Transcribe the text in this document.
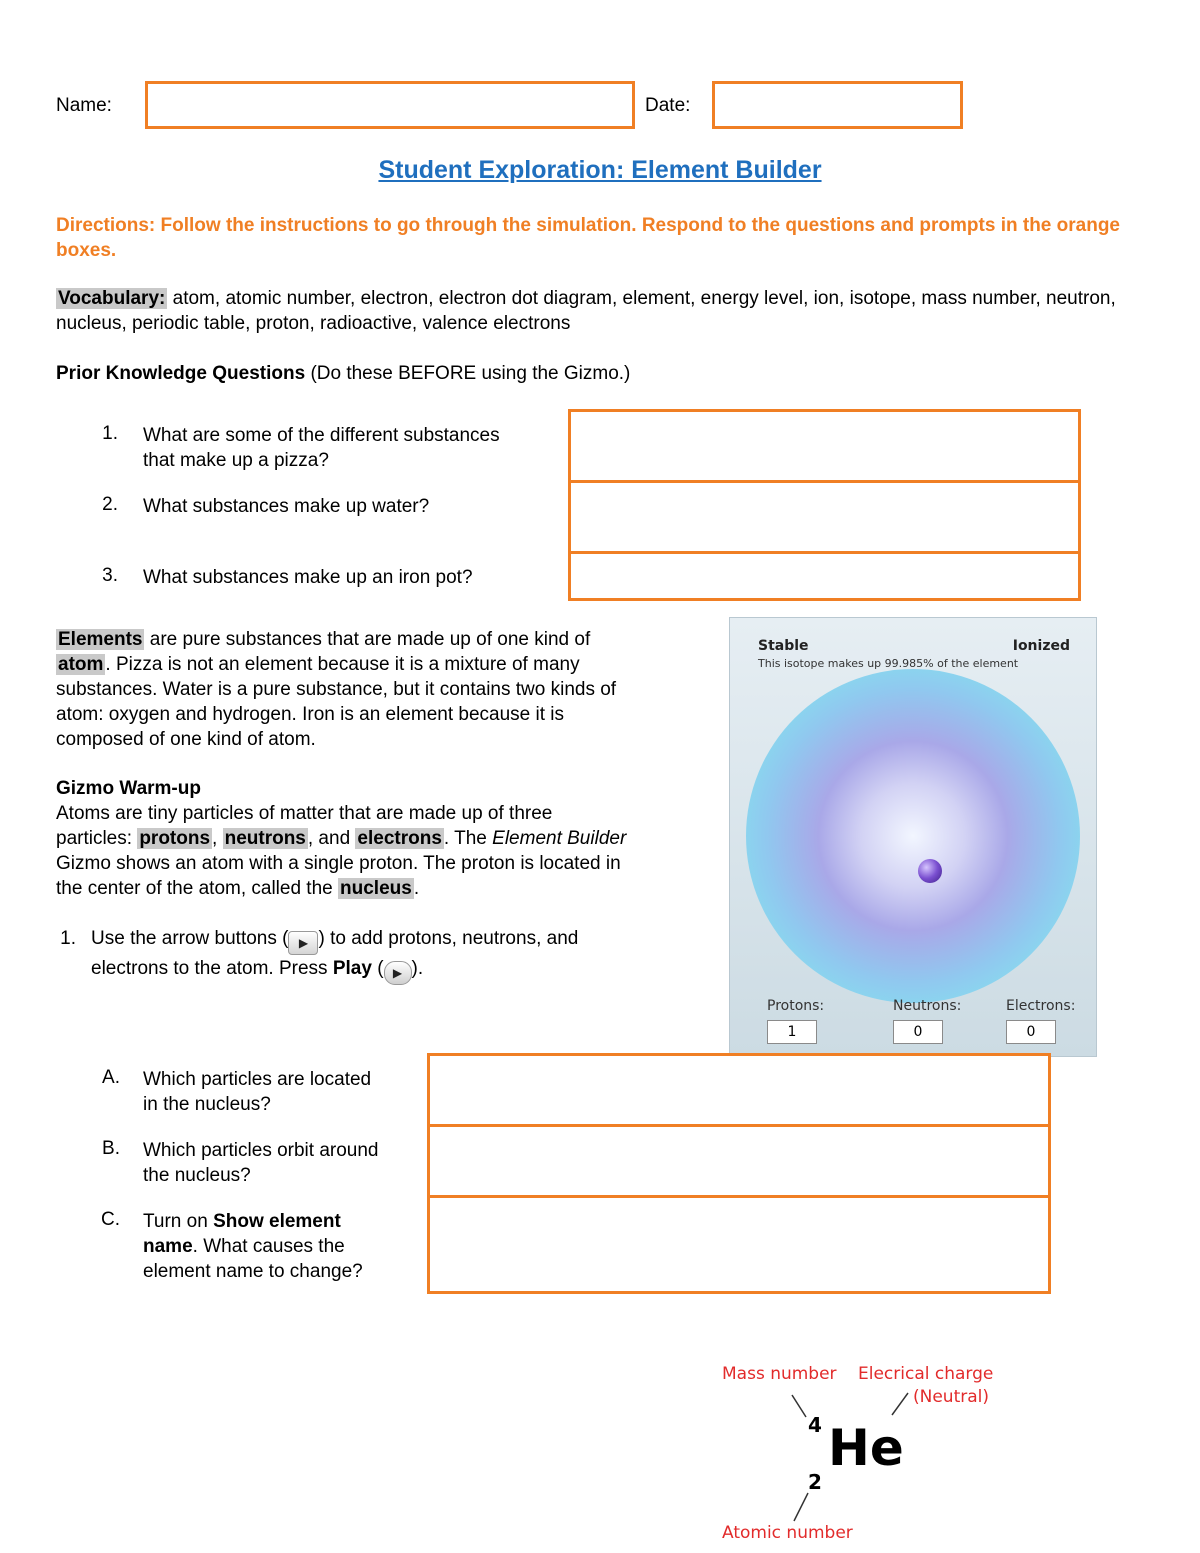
Name:	Date:
Student Exploration: Element Builder
Directions: Follow the instructions to go through the simulation. Respond to the questions and prompts in the orange boxes.
Vocabulary: atom, atomic number, electron, electron dot diagram, element, energy level, ion, isotope, mass number, neutron, nucleus, periodic table, proton, radioactive, valence electrons
Prior Knowledge Questions (Do these BEFORE using the Gizmo.)
1. What are some of the different substances
that make up a pizza?
2. What substances make up water?
3. What substances make up an iron pot?
Elements are pure substances that are made up of one kind of
atom . Pizza is not an element because it is a mixture of many
substances. Water is a pure substance, but it contains two kinds of
atom: oxygen and hydrogen. Iron is an element because it is
composed of one kind of atom.
Gizmo Warm-up
Atoms are tiny particles of matter that are made up of three
particles: protons , neutrons , and electrons . The Element Builder
Gizmo shows an atom with a single proton. The proton is located in
the center of the atom, called the nucleus .
1. Use the arrow buttons ( ▶ ) to add protons, neutrons, and
electrons to the atom. Press Play ( ▶ ).
Stable	Ionized
This isotope makes up 99.985% of the element
Protons:	Neutrons:	Electrons:
1	0	0
A. Which particles are located
in the nucleus?
B. Which particles orbit around
the nucleus?
C. Turn on Show element
name. What causes the
element name to change?
Mass number Elecrical charge
(Neutral)
4 He
2
Atomic number
